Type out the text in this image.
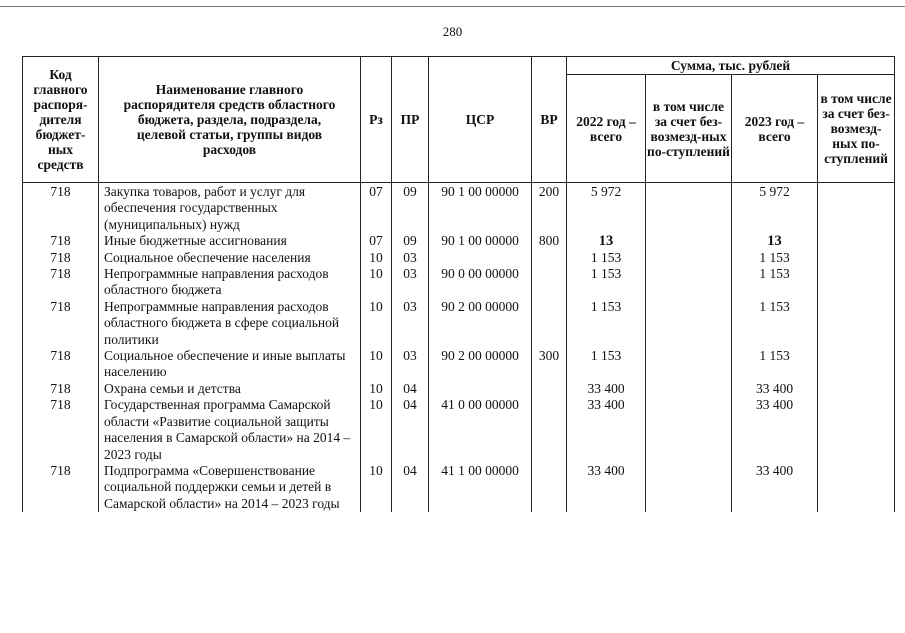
280
Код главного распоря-дителя бюджет-ных средств	Наименование главного распорядителя средств областного бюджета, раздела, подраздела, целевой статьи, группы видов расходов	Рз	ПР	ЦСР	ВР	Сумма, тыс. рублей			
						2022 год – всего	в том числе за счет без-возмезд-ных по-ступлений	2023 год – всего	в том числе за счет без-возмезд-ных по-ступлений
718	Закупка товаров, работ и услуг для обеспечения государственных (муниципальных) нужд	07	09	90 1 00 00000	200	5 972		5 972	
718	Иные бюджетные ассигнования	07	09	90 1 00 00000	800	13		13	
718	Социальное обеспечение населения	10	03			1 153		1 153	
718	Непрограммные направления расходов областного бюджета	10	03	90 0 00 00000		1 153		1 153	
718	Непрограммные направления расходов областного бюджета в сфере социальной политики	10	03	90 2 00 00000		1 153		1 153	
718	Социальное обеспечение и иные выплаты населению	10	03	90 2 00 00000	300	1 153		1 153	
718	Охрана семьи и детства	10	04			33 400		33 400	
718	Государственная программа Самарской области «Развитие социальной защиты населения в Самарской области» на 2014 – 2023 годы	10	04	41 0 00 00000		33 400		33 400	
718	Подпрограмма «Совершенствование социальной поддержки семьи и детей в Самарской области» на 2014 – 2023 годы	10	04	41 1 00 00000		33 400		33 400	
